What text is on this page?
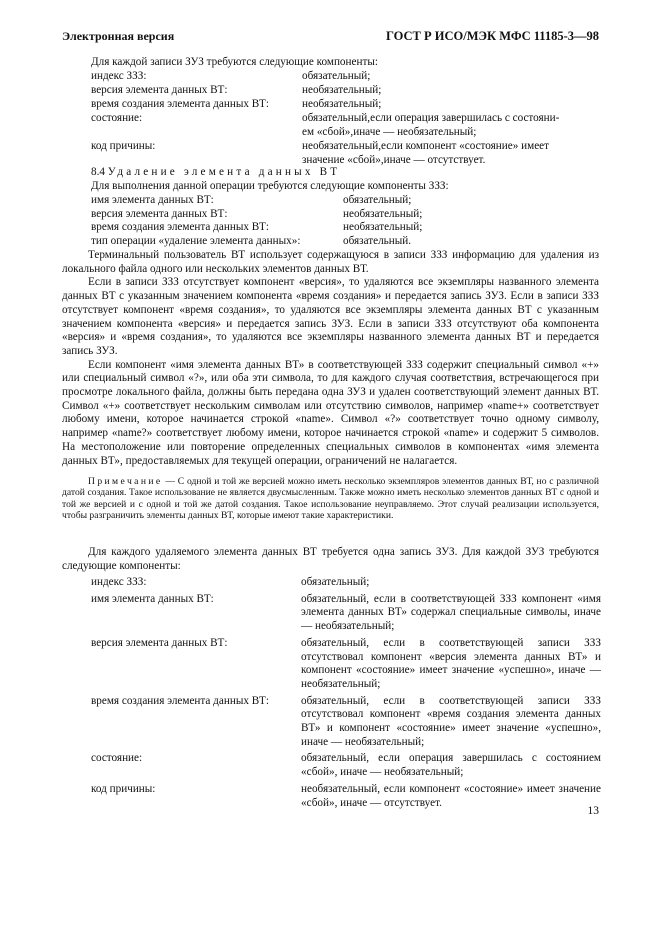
Электронная версия	ГОСТ Р ИСО/МЭК МФС 11185-3—98
Для каждой записи ЗУЗ требуются следующие компоненты:
индекс ЗЗЗ:	обязательный;
версия элемента данных ВТ:	необязательный;
время создания элемента данных ВТ:	необязательный;
состояние:	обязательный,если операция завершилась с состояни-
ем «сбой»,иначе — необязательный;
код причины:	необязательный,если компонент «состояние» имеет
значение «сбой»,иначе — отсутствует.
8.4 Удаление элемента данных ВТ
Для выполнения данной операции требуются следующие компоненты ЗЗЗ:
имя элемента данных ВТ:	обязательный;
версия элемента данных ВТ:	необязательный;
время создания элемента данных ВТ:	необязательный;
тип операции «удаление элемента данных»:	обязательный.

Терминальный пользователь ВТ использует содержащуюся в записи ЗЗЗ информацию для удаления из локального файла одного или нескольких элементов данных ВТ.

Если в записи ЗЗЗ отсутствует компонент «версия», то удаляются все экземпляры названного элемента данных ВТ с указанным значением компонента «время создания» и передается запись ЗУЗ. Если в записи ЗЗЗ отсутствует компонент «время создания», то удаляются все экземпляры элемента данных ВТ с указанным значением компонента «версия» и передается запись ЗУЗ. Если в записи ЗЗЗ отсутствуют оба компонента «версия» и «время создания», то удаляются все экземпляры названного элемента данных ВТ и передается запись ЗУЗ.

Если компонент «имя элемента данных ВТ» в соответствующей ЗЗЗ содержит специальный символ «+» или специальный символ «?», или оба эти символа, то для каждого случая соответствия, встречающегося при просмотре локального файла, должны быть передана одна ЗУЗ и удален соответствующий элемент данных ВТ. Символ «+» соответствует нескольким символам или отсутствию символов, например «name+» соответствует любому имени, которое начинается строкой «name». Символ «?» соответствует точно одному символу, например «name?» соответствует любому имени, которое начинается строкой «name» и содержит 5 символов. На местоположение или повторение определенных специальных символов в компонентах «имя элемента данных ВТ», предоставляемых для текущей операции, ограничений не налагается.

Примечание — С одной и той же версией можно иметь несколько экземпляров элементов данных ВТ, но с различной датой создания. Такое использование не является двусмысленным. Также можно иметь несколько элементов данных ВТ с одной и той же версией и с одной и той же датой создания. Такое использование неуправляемо. Этот случай реализации используется, чтобы разграничить элементы данных ВТ, которые имеют такие характеристики.

Для каждого удаляемого элемента данных ВТ требуется одна запись ЗУЗ. Для каждой ЗУЗ требуются следующие компоненты:

индекс ЗЗЗ:	обязательный;
имя элемента данных ВТ:	обязательный, если в соответствующей ЗЗЗ компонент «имя элемента данных ВТ» содержал специальные символы, иначе — необязательный;
версия элемента данных ВТ:	обязательный, если в соответствующей записи ЗЗЗ отсутствовал компонент «версия элемента данных ВТ» и компонент «состояние» имеет значение «успешно», иначе — необязательный;
время создания элемента данных ВТ:	обязательный, если в соответствующей записи ЗЗЗ отсутствовал компонент «время создания элемента данных ВТ» и компонент «состояние» имеет значение «успешно», иначе — необязательный;
состояние:	обязательный, если операция завершилась с состоянием «сбой», иначе — необязательный;
код причины:	необязательный, если компонент «состояние» имеет значение «сбой», иначе — отсутствует.
13
